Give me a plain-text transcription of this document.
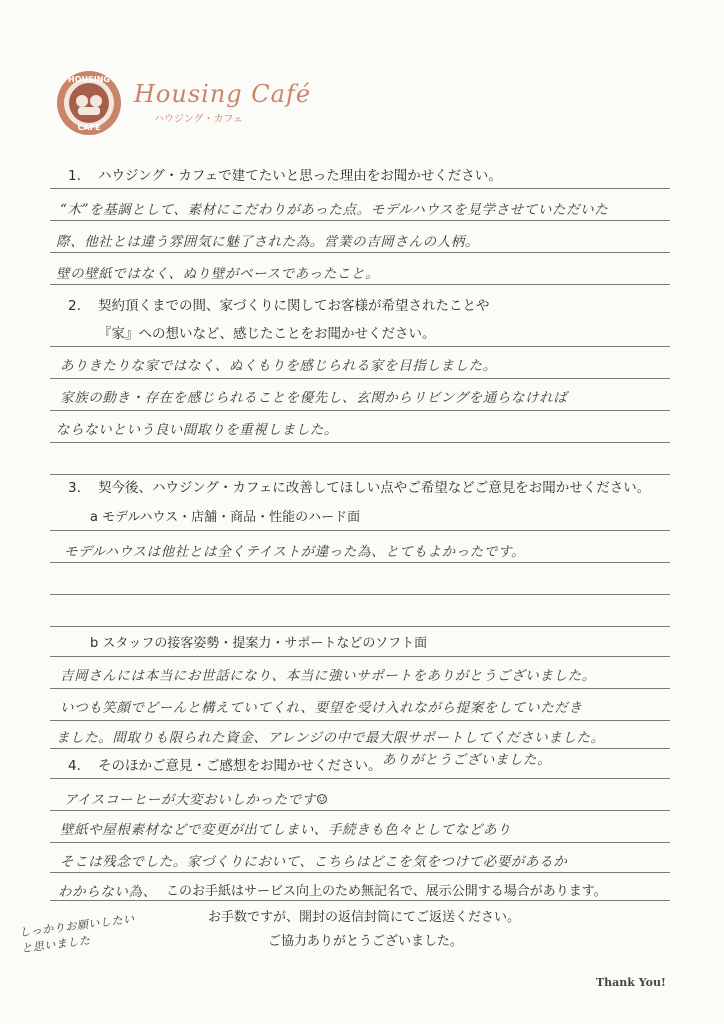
HOUSING
CAFE
Housing Café
ハウジング・カフェ
1. ハウジング・カフェで建てたいと思った理由をお聞かせください。
“木”を基調として、素材にこだわりがあった点。モデルハウスを見学させていただいた
際、他社とは違う雰囲気に魅了された為。営業の吉岡さんの人柄。
壁の壁紙ではなく、ぬり壁がベースであったこと。
2. 契約頂くまでの間、家づくりに関してお客様が希望されたことや
『家』への想いなど、感じたことをお聞かせください。
ありきたりな家ではなく、ぬくもりを感じられる家を目指しました。
家族の動き・存在を感じられることを優先し、玄関からリビングを通らなければ
ならないという良い間取りを重視しました。
3. 契今後、ハウジング・カフェに改善してほしい点やご希望などご意見をお聞かせください。
a モデルハウス・店舗・商品・性能のハード面
モデルハウスは他社とは全くテイストが違った為、とてもよかったです。
b スタッフの接客姿勢・提案力・サポートなどのソフト面
吉岡さんには本当にお世話になり、本当に強いサポートをありがとうございました。
いつも笑顔でどーんと構えていてくれ、要望を受け入れながら提案をしていただき
ました。間取りも限られた資金、アレンジの中で最大限サポートしてくださいました。
4. そのほかご意見・ご感想をお聞かせください。 ありがとうございました。
アイスコーヒーが大変おいしかったです☺
壁紙や屋根素材などで変更が出てしまい、手続きも色々としてなどあり
そこは残念でした。家づくりにおいて、こちらはどこを気をつけて必要があるか
わからない為、 このお手紙はサービス向上のため無記名で、展示公開する場合があります。
しっかりお願いしたいと思いました
お手数ですが、開封の返信封筒にてご返送ください。
ご協力ありがとうございました。
Thank You!
